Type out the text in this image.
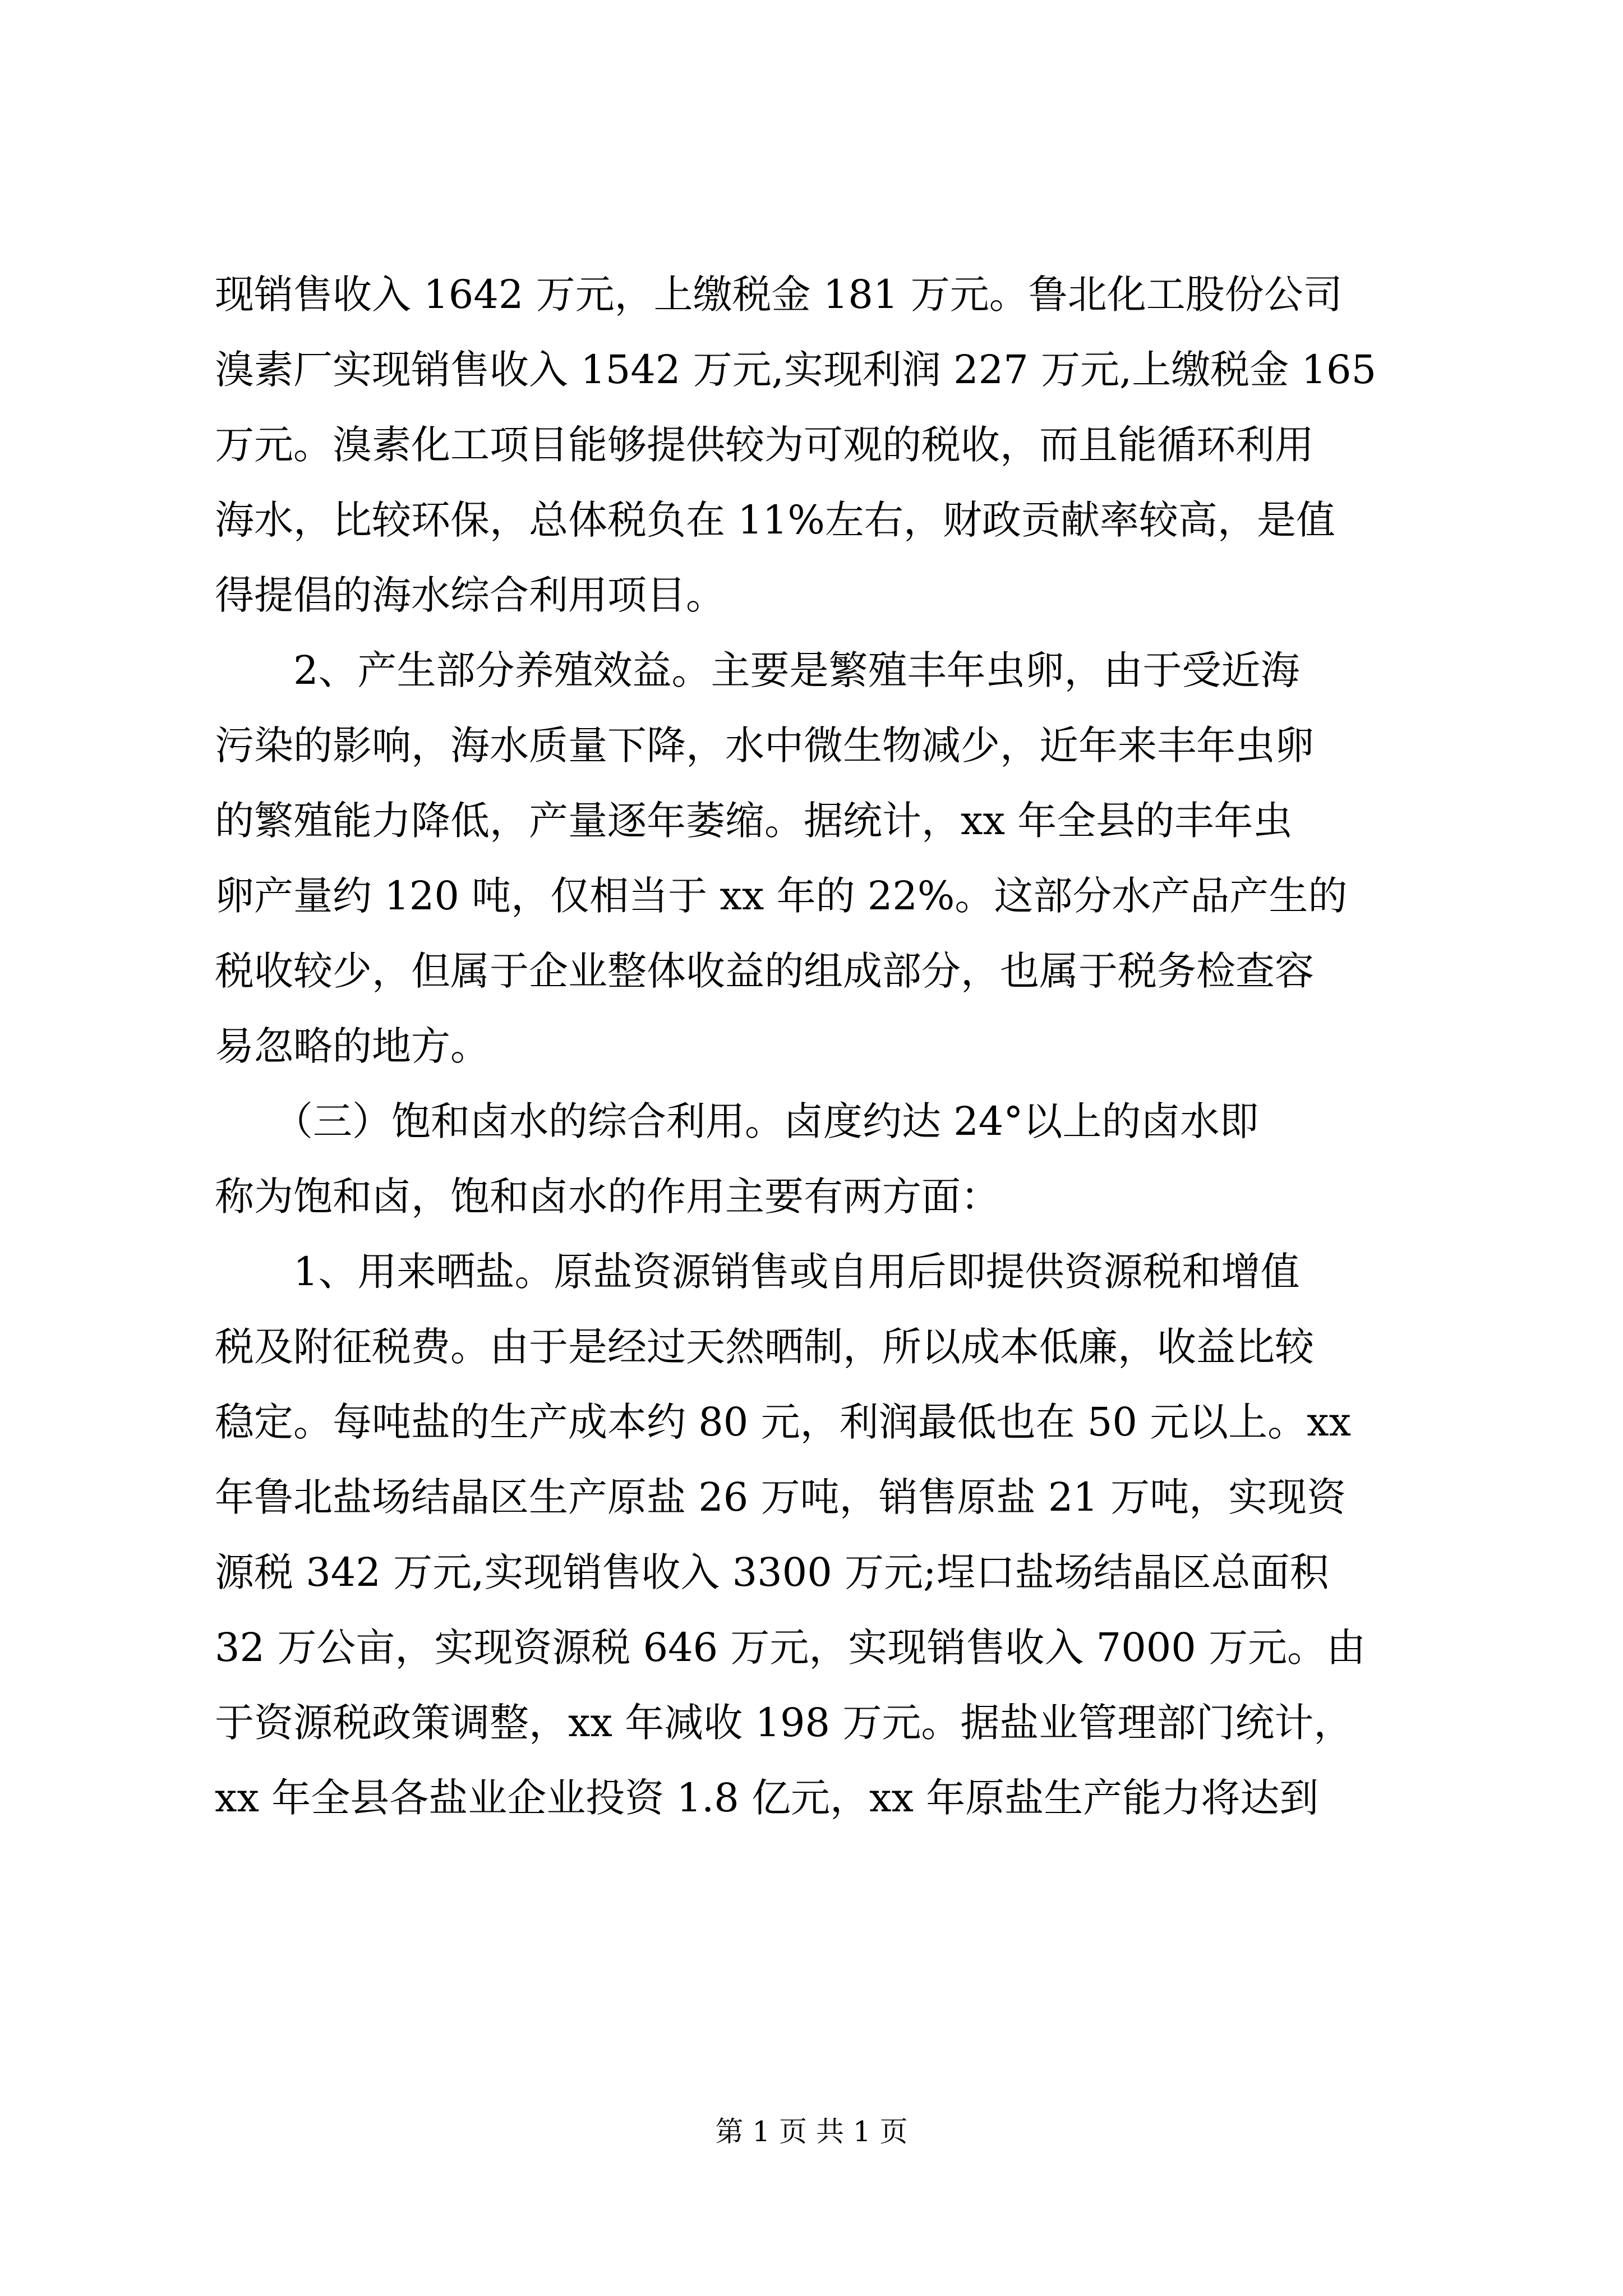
现销售收入 1642 万元，上缴税金 181 万元。鲁北化工股份公司
溴素厂实现销售收入 1542 万元,实现利润 227 万元,上缴税金 165
万元。溴素化工项目能够提供较为可观的税收，而且能循环利用
海水，比较环保，总体税负在 11%左右，财政贡献率较高，是值
得提倡的海水综合利用项目。
　　2、产生部分养殖效益。主要是繁殖丰年虫卵，由于受近海
污染的影响，海水质量下降，水中微生物减少，近年来丰年虫卵
的繁殖能力降低，产量逐年萎缩。据统计，xx 年全县的丰年虫
卵产量约 120 吨，仅相当于 xx 年的 22%。这部分水产品产生的
税收较少，但属于企业整体收益的组成部分，也属于税务检查容
易忽略的地方。
　　（三）饱和卤水的综合利用。卤度约达 24°以上的卤水即
称为饱和卤，饱和卤水的作用主要有两方面：
　　1、用来晒盐。原盐资源销售或自用后即提供资源税和增值
税及附征税费。由于是经过天然晒制，所以成本低廉，收益比较
稳定。每吨盐的生产成本约 80 元，利润最低也在 50 元以上。xx
年鲁北盐场结晶区生产原盐 26 万吨，销售原盐 21 万吨，实现资
源税 342 万元,实现销售收入 3300 万元;埕口盐场结晶区总面积
32 万公亩，实现资源税 646 万元，实现销售收入 7000 万元。由
于资源税政策调整，xx 年减收 198 万元。据盐业管理部门统计，
xx 年全县各盐业企业投资 1.8 亿元，xx 年原盐生产能力将达到
第 1 页 共 1 页
